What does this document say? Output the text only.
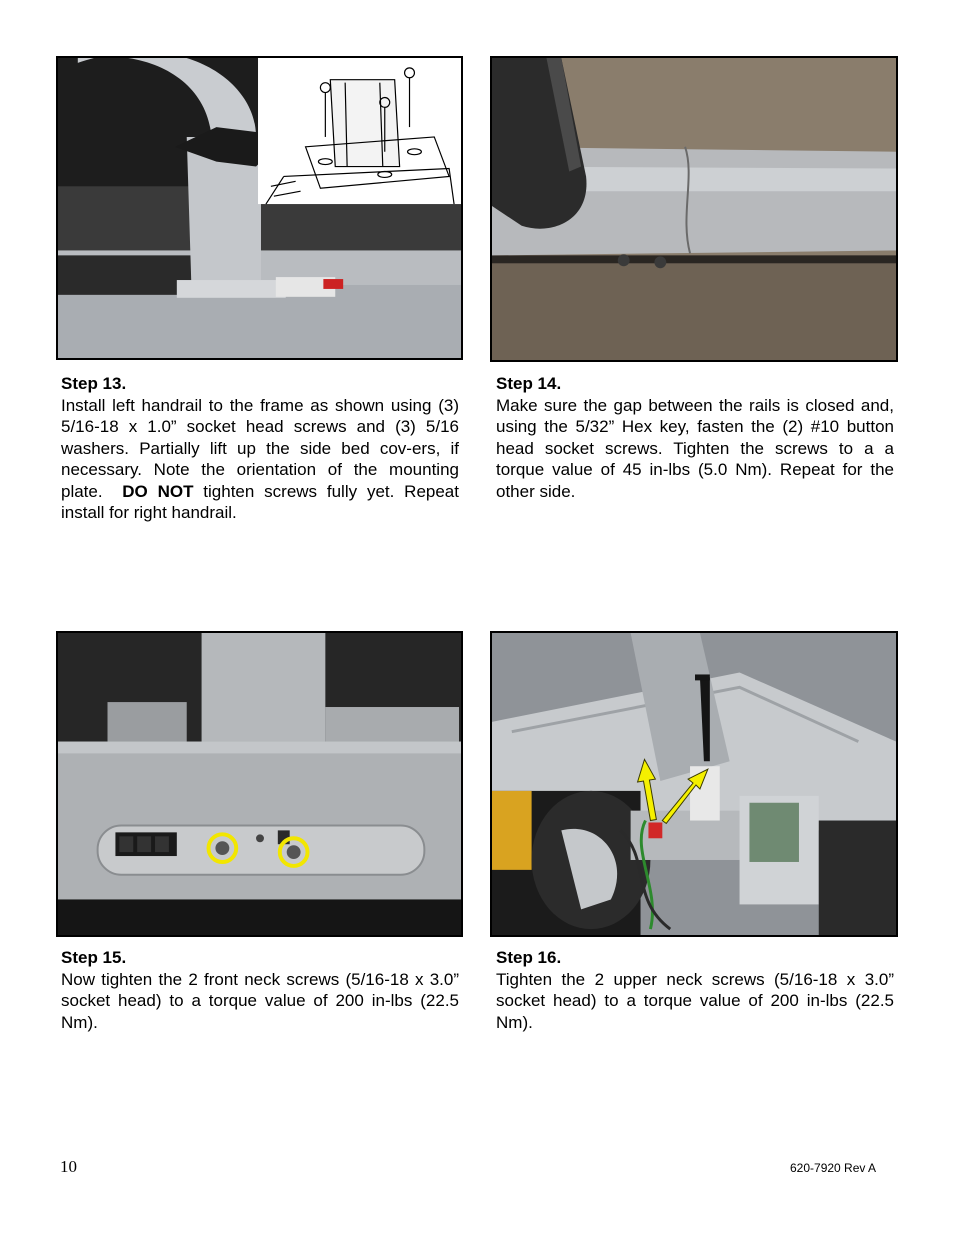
Step 13.

Install left handrail to the frame as shown using (3) 5/16-18 x 1.0” socket head screws and (3) 5/16 washers. Partially lift up the side bed cov-ers, if necessary. Note the orientation of the mounting plate. DO NOT tighten screws fully yet. Repeat install for right handrail.

Step 14.

Make sure the gap between the rails is closed and, using the 5/32” Hex key, fasten the (2) #10 button head socket screws. Tighten the screws to a a torque value of 45 in-lbs (5.0 Nm). Repeat for the other side.

Step 15.

Now tighten the 2 front neck screws (5/16-18 x 3.0” socket head) to a torque value of 200 in-lbs (22.5 Nm).

Step 16.

Tighten the 2 upper neck screws (5/16-18 x 3.0” socket head) to a torque value of 200 in-lbs (22.5 Nm).

10	620-7920 Rev A
